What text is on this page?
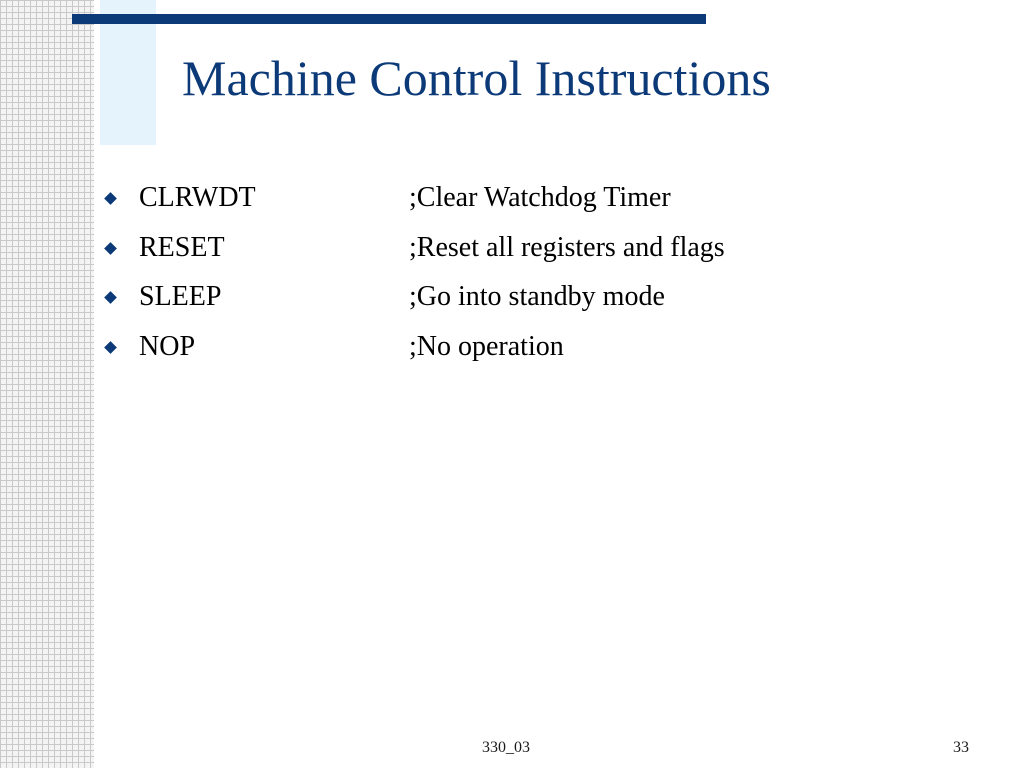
Machine Control Instructions
CLRWDT	;Clear Watchdog Timer
RESET	;Reset all registers and flags
SLEEP	;Go into standby mode
NOP	;No operation
330_03	33
